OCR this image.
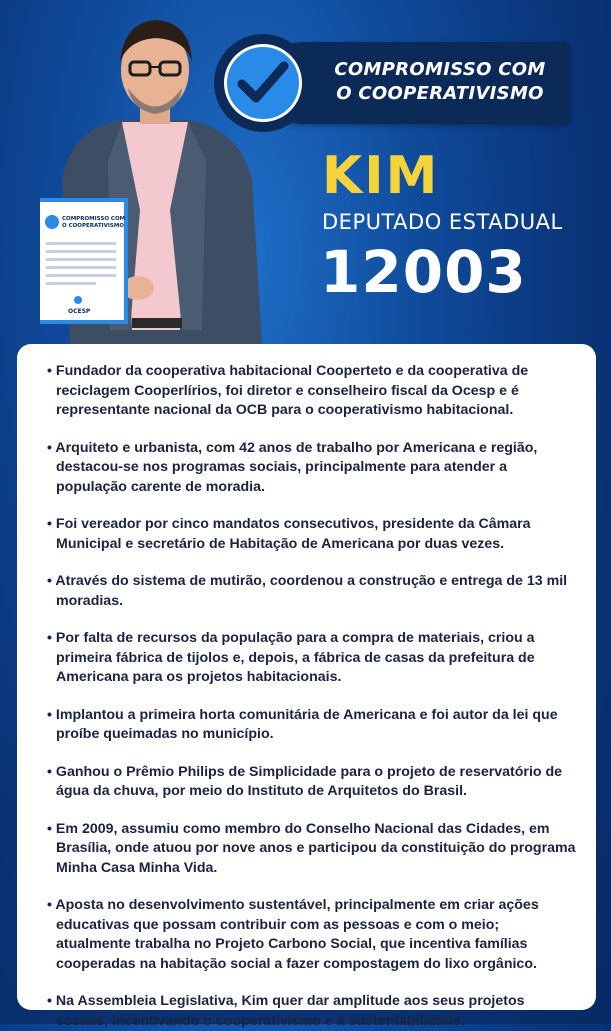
COMPROMISSO COM
O COOPERATIVISMO
OCESP
COMPROMISSO COM
O COOPERATIVISMO
KIM
DEPUTADO ESTADUAL
12003
• Fundador da cooperativa habitacional Cooperteto e da cooperativa de reciclagem Cooperlírios, foi diretor e conselheiro fiscal da Ocesp e é representante nacional da OCB para o cooperativismo habitacional.
• Arquiteto e urbanista, com 42 anos de trabalho por Americana e região, destacou-se nos programas sociais, principalmente para atender a população carente de moradia.
• Foi vereador por cinco mandatos consecutivos, presidente da Câmara Municipal e secretário de Habitação de Americana por duas vezes.
• Através do sistema de mutirão, coordenou a construção e entrega de 13 mil moradias.
• Por falta de recursos da população para a compra de materiais, criou a primeira fábrica de tijolos e, depois, a fábrica de casas da prefeitura de Americana para os projetos habitacionais.
• Implantou a primeira horta comunitária de Americana e foi autor da lei que proíbe queimadas no município.
• Ganhou o Prêmio Philips de Simplicidade para o projeto de reservatório de água da chuva, por meio do Instituto de Arquitetos do Brasil.
• Em 2009, assumiu como membro do Conselho Nacional das Cidades, em Brasília, onde atuou por nove anos e participou da constituição do programa Minha Casa Minha Vida.
• Aposta no desenvolvimento sustentável, principalmente em criar ações educativas que possam contribuir com as pessoas e com o meio; atualmente trabalha no Projeto Carbono Social, que incentiva famílias cooperadas na habitação social a fazer compostagem do lixo orgânico.
• Na Assembleia Legislativa, Kim quer dar amplitude aos seus projetos sociais, incentivando o cooperativismo e a sustentabilidade.
